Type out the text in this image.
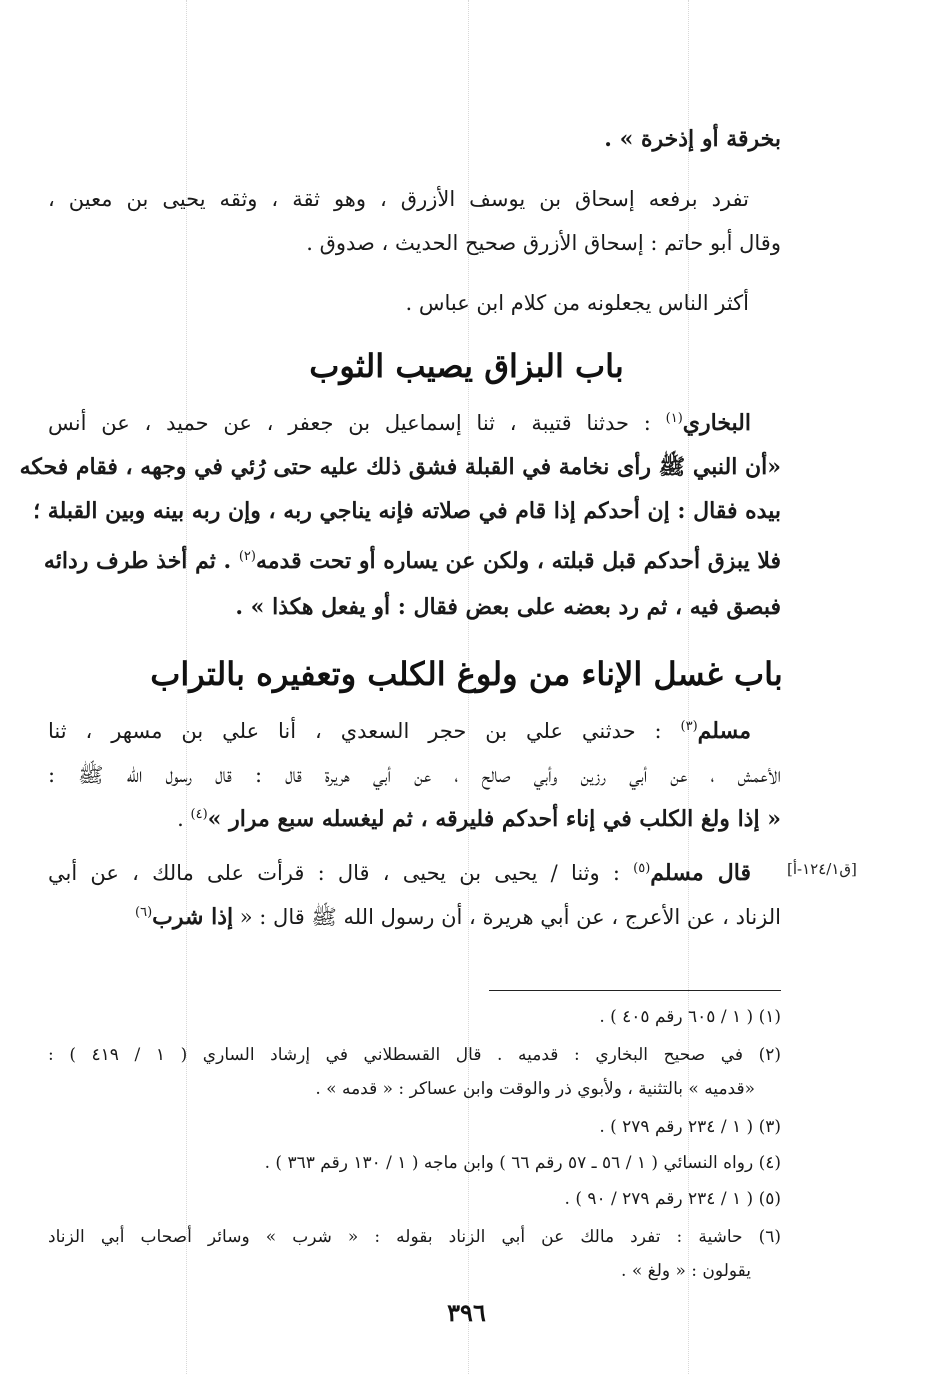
بخرقة أو إذخرة » .
تفرد برفعه إسحاق بن يوسف الأزرق ، وهو ثقة ، وثقه يحيى بن معين ،
وقال أبو حاتم : إسحاق الأزرق صحيح الحديث ، صدوق .
أكثر الناس يجعلونه من كلام ابن عباس .
باب البزاق يصيب الثوب
البخاري$^{(١)}$ : حدثنا قتيبة ، ثنا إسماعيل بن جعفر ، عن حميد ، عن أنس
«أن النبي ﷺ رأى نخامة في القبلة فشق ذلك عليه حتى رُئي في وجهه ، فقام فحكه
بيده فقال : إن أحدكم إذا قام في صلاته فإنه يناجي ربه ، وإن ربه بينه وبين القبلة ؛
فلا يبزق أحدكم قبل قبلته ، ولكن عن يساره أو تحت قدمه$^{(٢)}$ . ثم أخذ طرف ردائه
فبصق فيه ، ثم رد بعضه على بعض فقال : أو يفعل هكذا » .
باب غسل الإناء من ولوغ الكلب وتعفيره بالتراب
مسلم$^{(٣)}$ : حدثني علي بن حجر السعدي ، أنا علي بن مسهر ، ثنا
الأعمش ، عن أبي رزين وأبي صالح ، عن أبي هريرة قال : قال رسول الله ﷺ :
« إذا ولغ الكلب في إناء أحدكم فليرقه ، ثم ليغسله سبع مرار »$^{(٤)}$ .
[ق١٢٤/١-أ]
قال مسلم$^{(٥)}$ : وثنا / يحيى بن يحيى ، قال : قرأت على مالك ، عن أبي
الزناد ، عن الأعرج ، عن أبي هريرة ، أن رسول الله ﷺ قال : « إذا شرب$^{(٦)}$
(١) ( ١ / ٦٠٥ رقم ٤٠٥ ) .
(٢) في صحيح البخاري : قدميه . قال القسطلاني في إرشاد الساري ( ١ / ٤١٩ ) :
«قدميه » بالتثنية ، ولأبوي ذر والوقت وابن عساكر : « قدمه » .
(٣) ( ١ / ٢٣٤ رقم ٢٧٩ ) .
(٤) رواه النسائي ( ١ / ٥٦ ـ ٥٧ رقم ٦٦ ) وابن ماجه ( ١ / ١٣٠ رقم ٣٦٣ ) .
(٥) ( ١ / ٢٣٤ رقم ٢٧٩ / ٩٠ ) .
(٦) حاشية : تفرد مالك عن أبي الزناد بقوله : « شرب » وسائر أصحاب أبي الزناد
يقولون : « ولغ » .
٣٩٦
